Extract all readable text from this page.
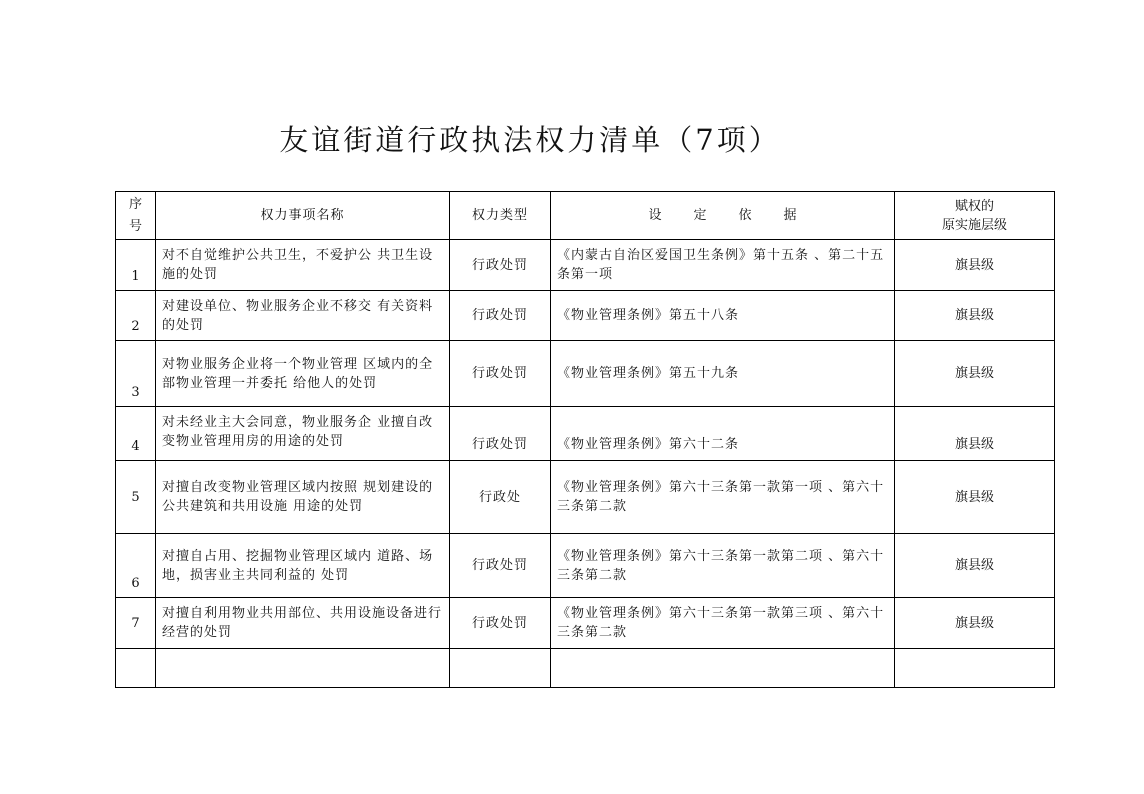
友谊街道行政执法权力清单（7项）
序号	权力事项名称	权力类型	设 定 依 据	赋权的
原实施层级

1	对不自觉维护公共卫生，不爱护公 共卫生设施的处罚	行政处罚	《内蒙古自治区爱国卫生条例》第十五条 、第二十五 条第一项	旗县级
2	对建设单位、物业服务企业不移交 有关资料的处罚	行政处罚	《物业管理条例》第五十八条	旗县级
3	对物业服务企业将一个物业管理 区域内的全部物业管理一并委托 给他人的处罚	行政处罚	《物业管理条例》第五十九条	旗县级
4	对未经业主大会同意，物业服务企 业擅自改变物业管理用房的用途的处罚	行政处罚	《物业管理条例》第六十二条	旗县级
5	对擅自改变物业管理区域内按照 规划建设的公共建筑和共用设施 用途的处罚	行政处	《物业管理条例》第六十三条第一款第一项 、第六十 三条第二款	旗县级
6	对擅自占用、挖掘物业管理区域内 道路、场地，损害业主共同利益的 处罚	行政处罚	《物业管理条例》第六十三条第一款第二项 、第六十 三条第二款	旗县级
7	对擅自利用物业共用部位、共用设施设备进行经营的处罚	行政处罚	《物业管理条例》第六十三条第一款第三项 、第六十 三条第二款	旗县级
